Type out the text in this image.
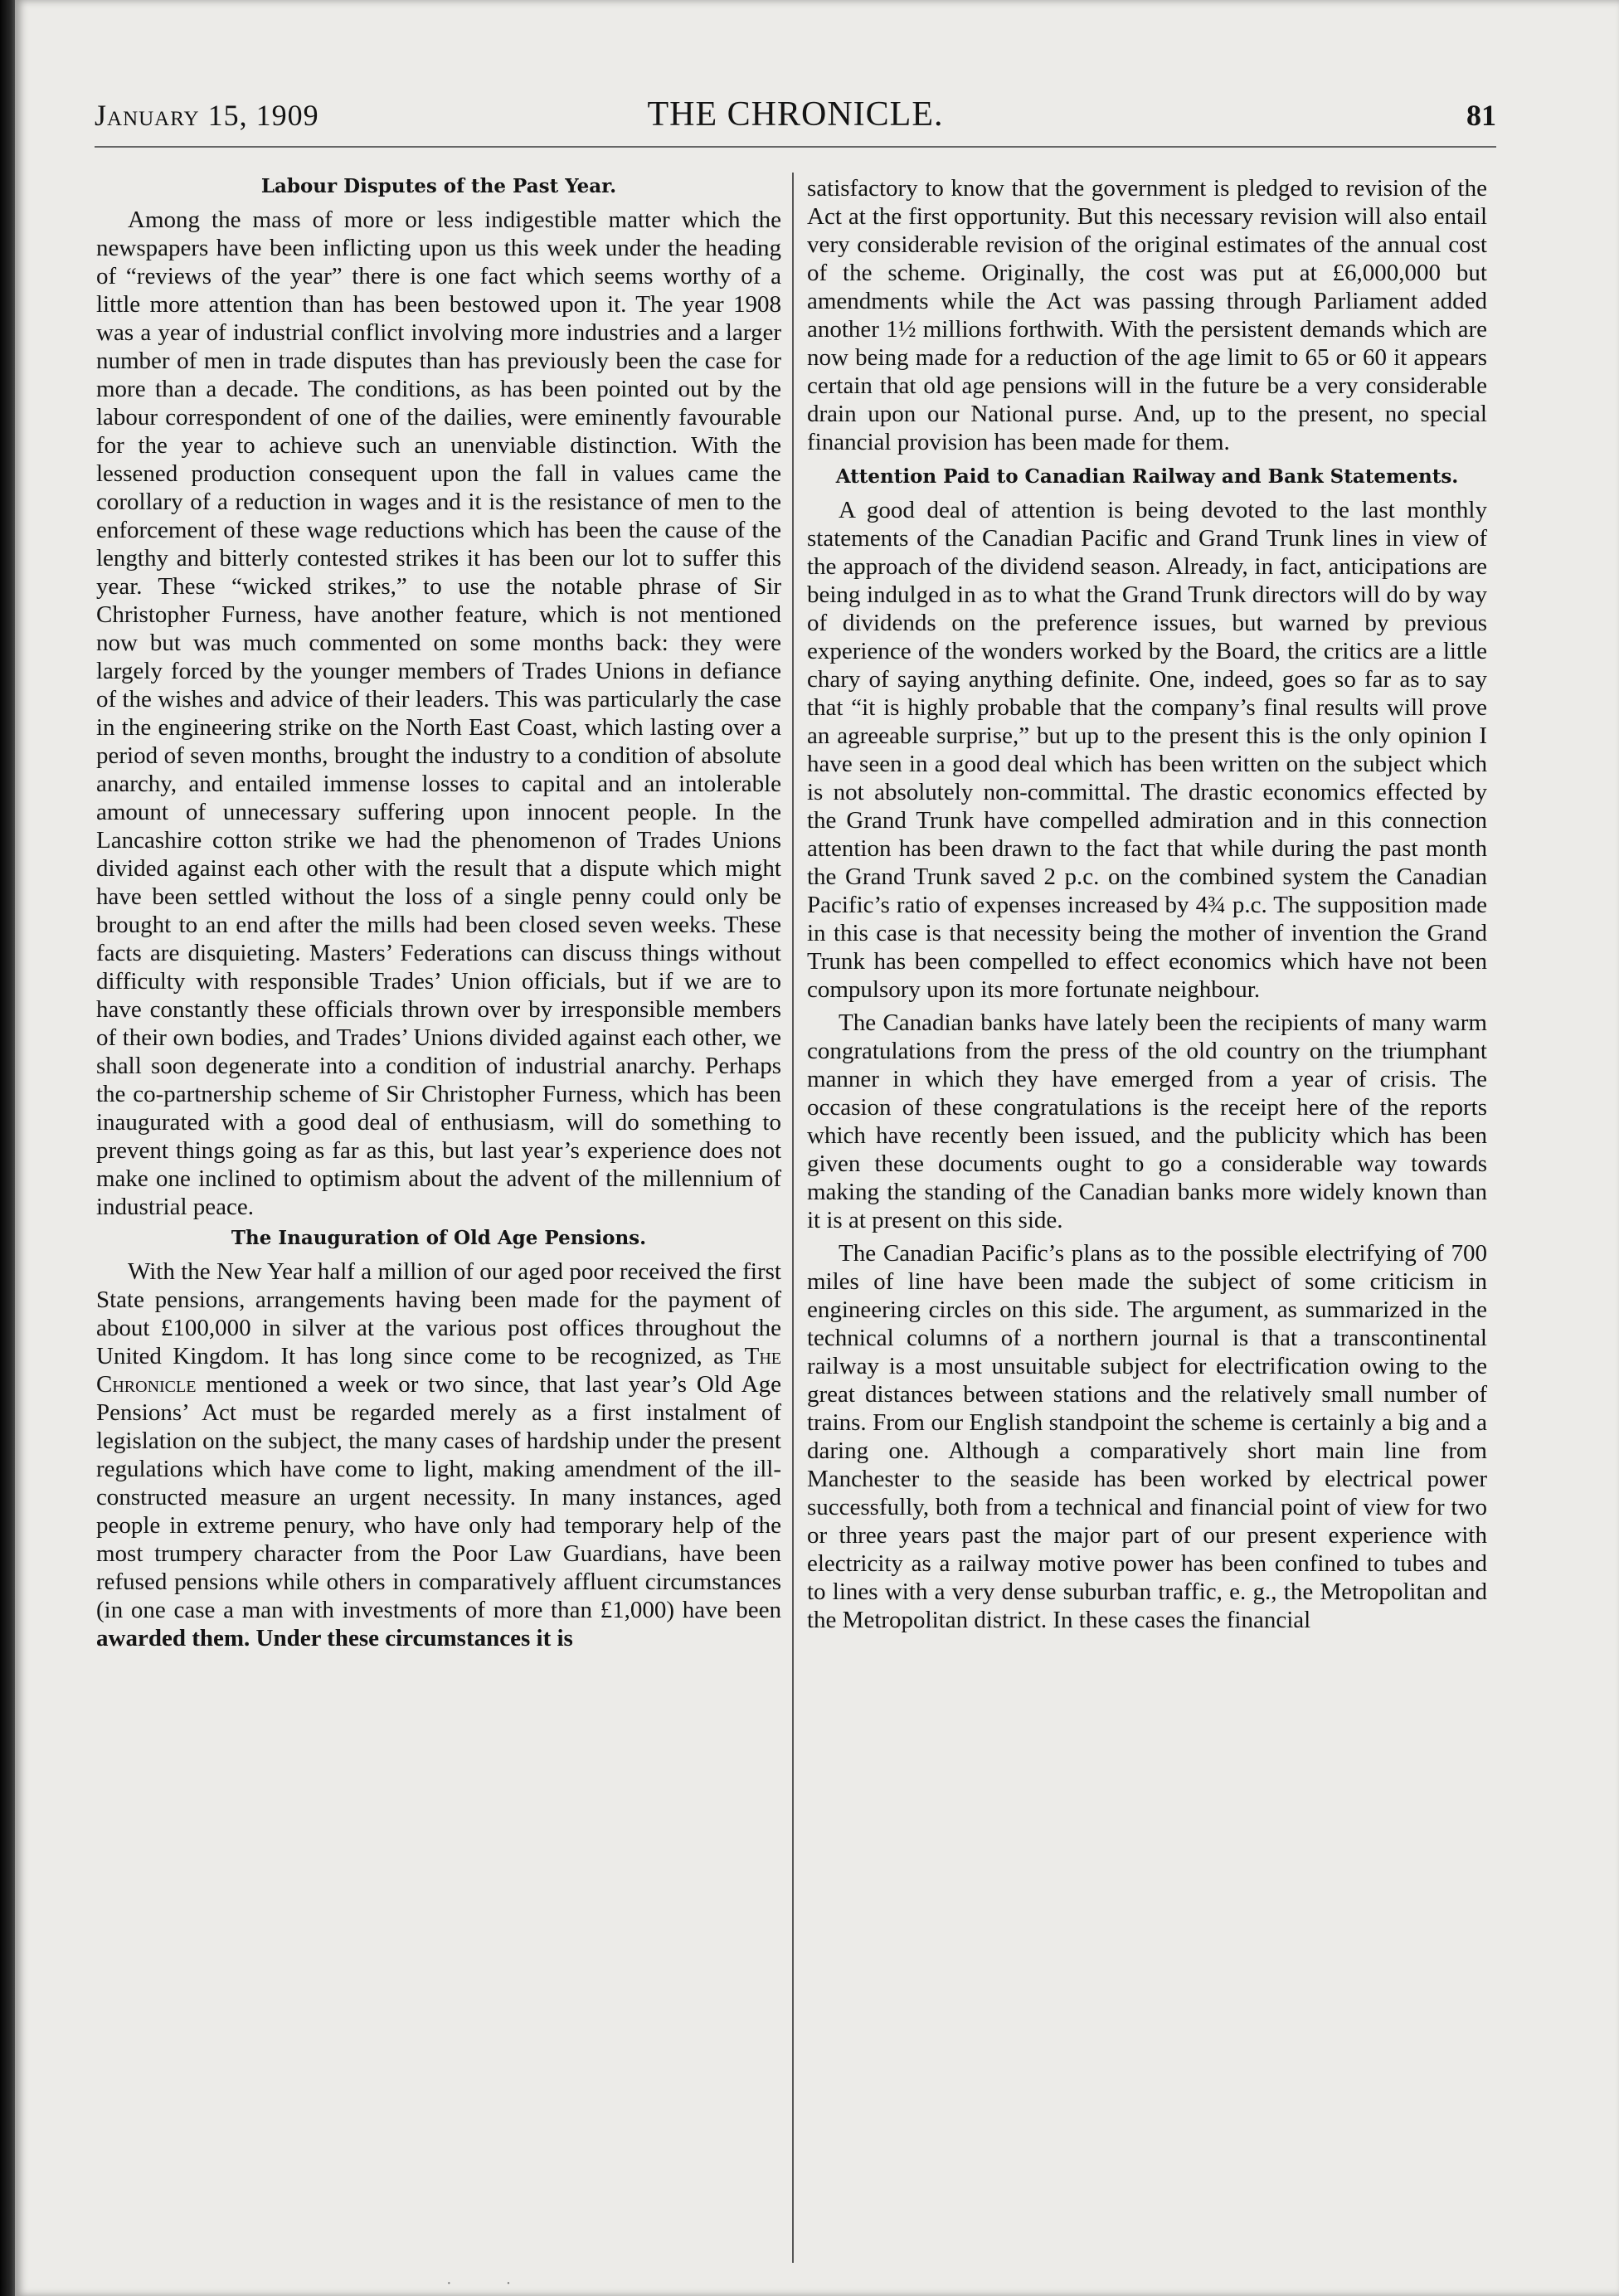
January 15, 1909	THE CHRONICLE.	81
Labour Disputes of the Past Year.

Among the mass of more or less indigestible matter which the newspapers have been inflicting upon us this week under the heading of “reviews of the year” there is one fact which seems worthy of a little more attention than has been bestowed upon it. The year 1908 was a year of industrial conflict involving more industries and a larger number of men in trade disputes than has previously been the case for more than a decade. The conditions, as has been pointed out by the labour correspondent of one of the dailies, were eminently favourable for the year to achieve such an unenviable distinction. With the lessened production consequent upon the fall in values came the corollary of a reduction in wages and it is the resistance of men to the enforcement of these wage reductions which has been the cause of the lengthy and bitterly contested strikes it has been our lot to suffer this year. These “wicked strikes,” to use the notable phrase of Sir Christopher Furness, have another feature, which is not mentioned now but was much commented on some months back: they were largely forced by the younger members of Trades Unions in defiance of the wishes and advice of their leaders. This was particularly the case in the engineering strike on the North East Coast, which lasting over a period of seven months, brought the industry to a condition of absolute anarchy, and entailed immense losses to capital and an intolerable amount of unnecessary suffering upon innocent people. In the Lancashire cotton strike we had the phenomenon of Trades Unions divided against each other with the result that a dispute which might have been settled without the loss of a single penny could only be brought to an end after the mills had been closed seven weeks. These facts are disquieting. Masters’ Federations can discuss things without difficulty with responsible Trades’ Union officials, but if we are to have constantly these officials thrown over by irresponsible members of their own bodies, and Trades’ Unions divided against each other, we shall soon degenerate into a condition of industrial anarchy. Perhaps the co-partnership scheme of Sir Christopher Furness, which has been inaugurated with a good deal of enthusiasm, will do something to prevent things going as far as this, but last year’s experience does not make one inclined to optimism about the advent of the millennium of industrial peace.

The Inauguration of Old Age Pensions.

With the New Year half a million of our aged poor received the first State pensions, arrangements having been made for the payment of about £100,000 in silver at the various post offices throughout the United Kingdom. It has long since come to be recognized, as The Chronicle mentioned a week or two since, that last year’s Old Age Pensions’ Act must be regarded merely as a first instalment of legislation on the subject, the many cases of hardship under the present regulations which have come to light, making amendment of the ill-constructed measure an urgent necessity. In many instances, aged people in extreme penury, who have only had temporary help of the most trumpery character from the Poor Law Guardians, have been refused pensions while others in comparatively affluent circumstances (in one case a man with investments of more than £1,000) have been awarded them. Under these circumstances it is

satisfactory to know that the government is pledged to revision of the Act at the first opportunity. But this necessary revision will also entail very considerable revision of the original estimates of the annual cost of the scheme. Originally, the cost was put at £6,000,000 but amendments while the Act was passing through Parliament added another 1½ millions forthwith. With the persistent demands which are now being made for a reduction of the age limit to 65 or 60 it appears certain that old age pensions will in the future be a very considerable drain upon our National purse. And, up to the present, no special financial provision has been made for them.

Attention Paid to Canadian Railway and Bank Statements.

A good deal of attention is being devoted to the last monthly statements of the Canadian Pacific and Grand Trunk lines in view of the approach of the dividend season. Already, in fact, anticipations are being indulged in as to what the Grand Trunk directors will do by way of dividends on the preference issues, but warned by previous experience of the wonders worked by the Board, the critics are a little chary of saying anything definite. One, indeed, goes so far as to say that “it is highly probable that the company’s final results will prove an agreeable surprise,” but up to the present this is the only opinion I have seen in a good deal which has been written on the subject which is not absolutely non-committal. The drastic economics effected by the Grand Trunk have compelled admiration and in this connection attention has been drawn to the fact that while during the past month the Grand Trunk saved 2 p.c. on the combined system the Canadian Pacific’s ratio of expenses increased by 4¾ p.c. The supposition made in this case is that necessity being the mother of invention the Grand Trunk has been compelled to effect economics which have not been compulsory upon its more fortunate neighbour.

The Canadian banks have lately been the recipients of many warm congratulations from the press of the old country on the triumphant manner in which they have emerged from a year of crisis. The occasion of these congratulations is the receipt here of the reports which have recently been issued, and the publicity which has been given these documents ought to go a considerable way towards making the standing of the Canadian banks more widely known than it is at present on this side.

The Canadian Pacific’s plans as to the possible electrifying of 700 miles of line have been made the subject of some criticism in engineering circles on this side. The argument, as summarized in the technical columns of a northern journal is that a transcontinental railway is a most unsuitable subject for electrification owing to the great distances between stations and the relatively small number of trains. From our English standpoint the scheme is certainly a big and a daring one. Although a comparatively short main line from Manchester to the seaside has been worked by electrical power successfully, both from a technical and financial point of view for two or three years past the major part of our present experience with electricity as a railway motive power has been confined to tubes and to lines with a very dense suburban traffic, e. g., the Metropolitan and the Metropolitan district. In these cases the financial

· ·
